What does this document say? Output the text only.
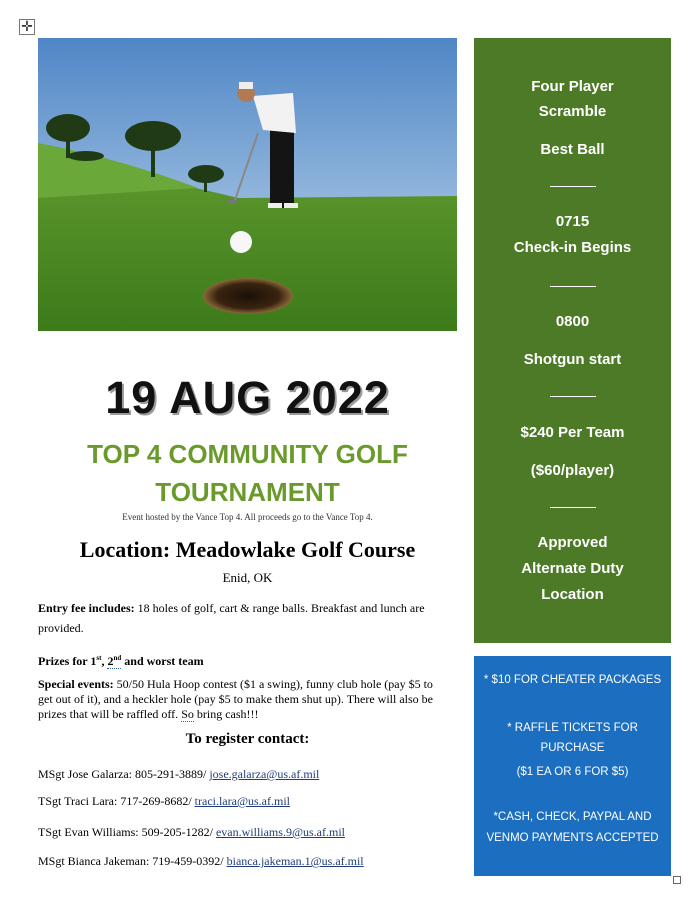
✛
19 AUG 2022
TOP 4 COMMUNITY GOLF
TOURNAMENT
Event hosted by the Vance Top 4. All proceeds go to the Vance Top 4.
Location: Meadowlake Golf Course
Enid, OK
Entry fee includes: 18 holes of golf, cart & range balls. Breakfast and lunch are provided.
Prizes for 1st, 2nd and worst team
Special events: 50/50 Hula Hoop contest ($1 a swing), funny club hole (pay $5 to get out of it), and a heckler hole (pay $5 to make them shut up). There will also be prizes that will be raffled off. So bring cash!!!
To register contact:
MSgt Jose Galarza: 805-291-3889/ jose.galarza@us.af.mil
TSgt Traci Lara: 717-269-8682/ traci.lara@us.af.mil
TSgt Evan Williams: 509-205-1282/ evan.williams.9@us.af.mil
MSgt Bianca Jakeman: 719-459-0392/ bianca.jakeman.1@us.af.mil
Four Player
Scramble
Best Ball
0715
Check-in Begins
0800
Shotgun start
$240 Per Team
($60/player)
Approved
Alternate Duty
Location
* $10 FOR CHEATER PACKAGES
* RAFFLE TICKETS FOR
PURCHASE
($1 EA OR 6 FOR $5)
*CASH, CHECK, PAYPAL AND
VENMO PAYMENTS ACCEPTED
